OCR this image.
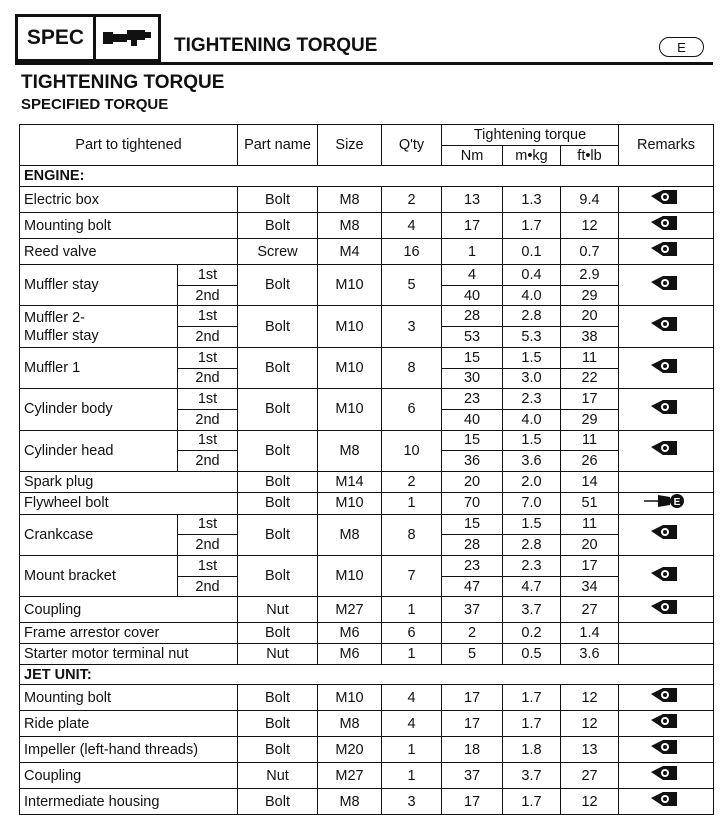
SPEC	TIGHTENING TORQUE	E
TIGHTENING TORQUE
SPECIFIED TORQUE
Part to tightened		Part name	Size	Q'ty	Tightening torque			Remarks
					Nm	m•kg	ft•lb	
ENGINE:								
Electric box		Bolt	M8	2	13	1.3	9.4	271

Mounting bolt		Bolt	M8	4	17	1.7	12	271

Reed valve		Screw	M4	16	1	0.1	0.7	242

Muffler stay	1st	Bolt	M10	5	4	0.4	2.9	271

	2nd				40	4.0	29	

Muffler 2-
Muffler stay	1st	Bolt	M10	3	28	2.8	20	271

	2nd				53	5.3	38	
Muffler 1	1st	Bolt	M10	8	15	1.5	11	271

	2nd				30	3.0	22	
Cylinder body	1st	Bolt	M10	6	23	2.3	17	572

	2nd				40	4.0	29	
Cylinder head	1st	Bolt	M8	10	15	1.5	11	572

	2nd				36	3.6	26	
Spark plug		Bolt	M14	2	20	2.0	14	
Flywheel bolt		Bolt	M10	1	70	7.0	51	E

Crankcase	1st	Bolt	M8	8	15	1.5	11	572

	2nd				28	2.8	20	
Mount bracket	1st	Bolt	M10	7	23	2.3	17	271

	2nd				47	4.7	34	
Coupling		Nut	M27	1	37	3.7	27	572

Frame arrestor cover		Bolt	M6	6	2	0.2	1.4	
Starter motor terminal nut		Nut	M6	1	5	0.5	3.6	
JET UNIT:								
Mounting bolt		Bolt	M10	4	17	1.7	12	271

Ride plate		Bolt	M8	4	17	1.7	12	242

Impeller (left-hand threads)		Bolt	M20	1	18	1.8	13	572

Coupling		Nut	M27	1	37	3.7	27	572

Intermediate housing		Bolt	M8	3	17	1.7	12	242
